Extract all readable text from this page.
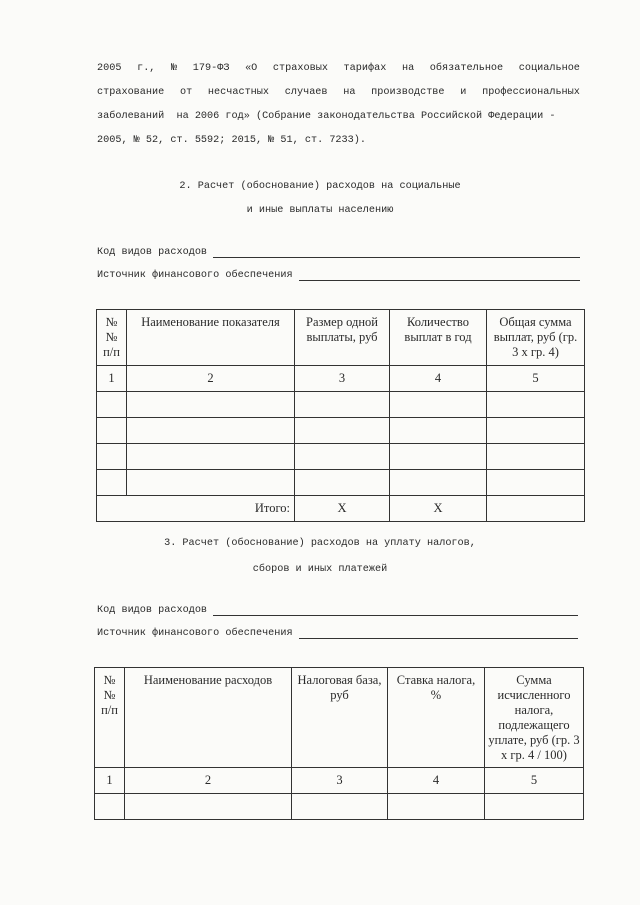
2005 г., № 179-ФЗ «О страховых тарифах на обязательное социальное
страхование от несчастных случаев на производстве и профессиональных
заболеваний  на 2006 год» (Собрание законодательства Российской Федерации -
2005, № 52, ст. 5592; 2015, № 51, ст. 7233).
2. Расчет (обоснование) расходов на социальные
и иные выплаты населению
Код видов расходов
Источник финансового обеспечения
№ № п/п	Наименование показателя	Размер одной выплаты, руб	Количество выплат в год	Общая сумма выплат, руб (гр. 3 x гр. 4)
1	2	3	4	5

Итого:		X	X	
3. Расчет (обоснование) расходов на уплату налогов,
сборов и иных платежей
Код видов расходов
Источник финансового обеспечения
№ № п/п	Наименование расходов	Налоговая база, руб	Ставка налога, %	Сумма исчисленного налога, подлежащего уплате, руб (гр. 3 x гр. 4 / 100)
1	2	3	4	5
